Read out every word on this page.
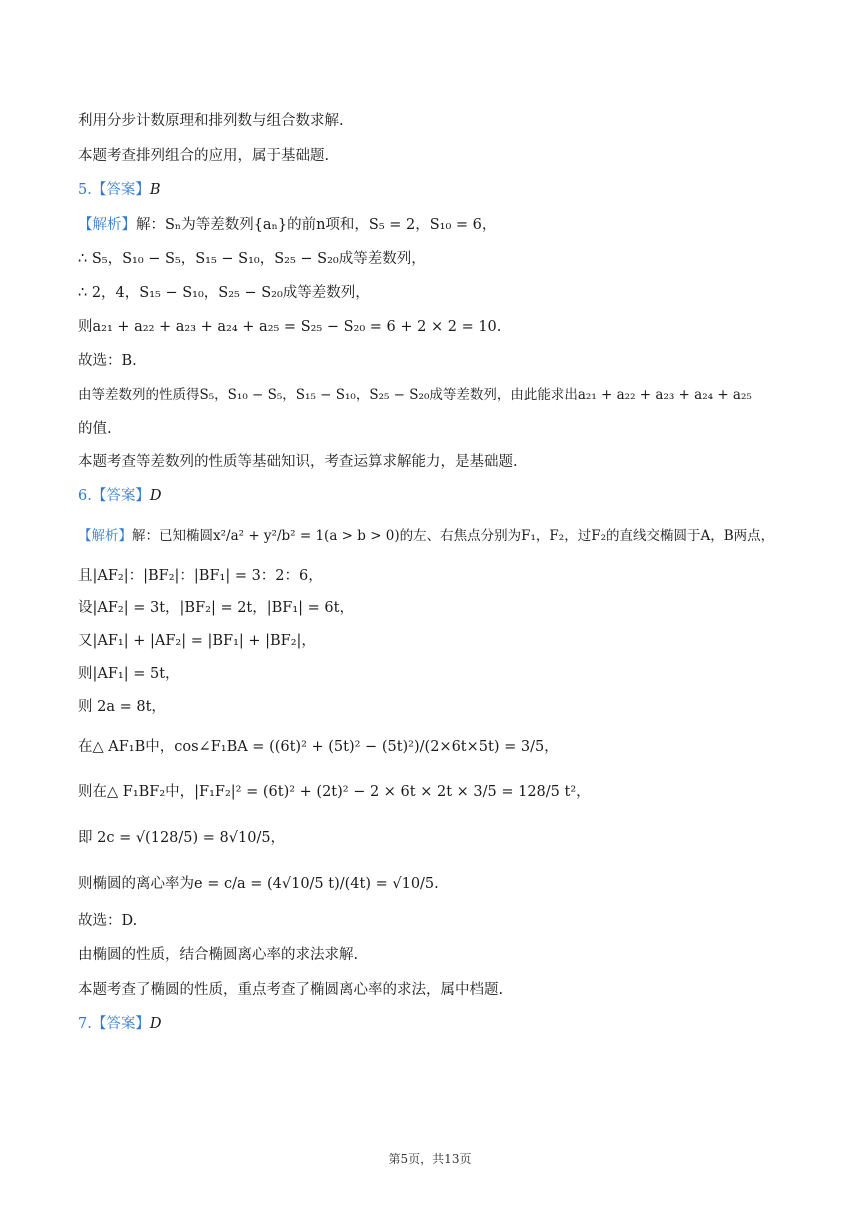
利用分步计数原理和排列数与组合数求解.
本题考查排列组合的应用，属于基础题.
5.【答案】B
【解析】解：Sₙ为等差数列{aₙ}的前n项和，S₅ = 2，S₁₀ = 6，
∴ S₅，S₁₀ − S₅，S₁₅ − S₁₀，S₂₅ − S₂₀成等差数列，
∴ 2，4，S₁₅ − S₁₀，S₂₅ − S₂₀成等差数列，
则a₂₁ + a₂₂ + a₂₃ + a₂₄ + a₂₅ = S₂₅ − S₂₀ = 6 + 2 × 2 = 10.
故选：B.
由等差数列的性质得S₅，S₁₀ − S₅，S₁₅ − S₁₀，S₂₅ − S₂₀成等差数列，由此能求出a₂₁ + a₂₂ + a₂₃ + a₂₄ + a₂₅
的值.
本题考查等差数列的性质等基础知识，考查运算求解能力，是基础题.
6.【答案】D
【解析】解：已知椭圆x²/a² + y²/b² = 1(a > b > 0)的左、右焦点分别为F₁，F₂，过F₂的直线交椭圆于A，B两点，
且|AF₂|：|BF₂|：|BF₁| = 3：2：6，
设|AF₂| = 3t，|BF₂| = 2t，|BF₁| = 6t，
又|AF₁| + |AF₂| = |BF₁| + |BF₂|，
则|AF₁| = 5t，
则 2a = 8t，
在△ AF₁B中，cos∠F₁BA = ((6t)² + (5t)² − (5t)²)/(2×6t×5t) = 3/5，
则在△ F₁BF₂中，|F₁F₂|² = (6t)² + (2t)² − 2 × 6t × 2t × 3/5 = 128/5 t²，
即 2c = √(128/5) = 8√10/5，
则椭圆的离心率为e = c/a = (4√10/5 t)/(4t) = √10/5.
故选：D.
由椭圆的性质，结合椭圆离心率的求法求解.
本题考查了椭圆的性质，重点考查了椭圆离心率的求法，属中档题.
7.【答案】D
第5页，共13页
